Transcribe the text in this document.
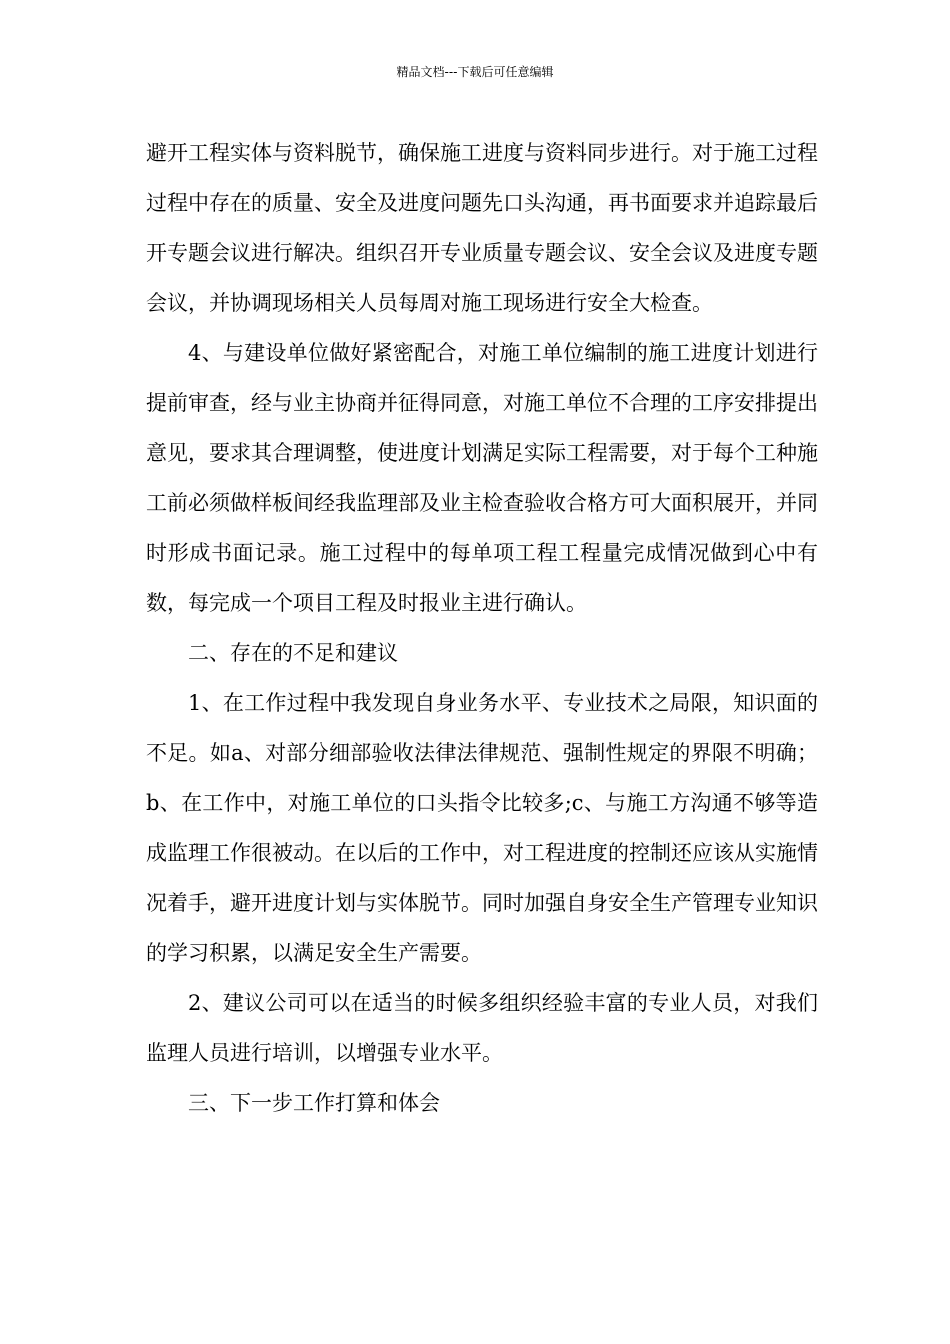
精品文档---下载后可任意编辑

避开工程实体与资料脱节，确保施工进度与资料同步进行。对于施工过程过程中存在的质量、安全及进度问题先口头沟通，再书面要求并追踪最后开专题会议进行解决。组织召开专业质量专题会议、安全会议及进度专题会议，并协调现场相关人员每周对施工现场进行安全大检查。

4、与建设单位做好紧密配合，对施工单位编制的施工进度计划进行提前审查，经与业主协商并征得同意，对施工单位不合理的工序安排提出意见，要求其合理调整，使进度计划满足实际工程需要，对于每个工种施工前必须做样板间经我监理部及业主检查验收合格方可大面积展开，并同时形成书面记录。施工过程中的每单项工程工程量完成情况做到心中有数，每完成一个项目工程及时报业主进行确认。

二、存在的不足和建议

1、在工作过程中我发现自身业务水平、专业技术之局限，知识面的不足。如a、对部分细部验收法律法律规范、强制性规定的界限不明确；b、在工作中，对施工单位的口头指令比较多;c、与施工方沟通不够等造成监理工作很被动。在以后的工作中，对工程进度的控制还应该从实施情况着手，避开进度计划与实体脱节。同时加强自身安全生产管理专业知识的学习积累，以满足安全生产需要。

2、建议公司可以在适当的时候多组织经验丰富的专业人员，对我们监理人员进行培训，以增强专业水平。

三、下一步工作打算和体会
